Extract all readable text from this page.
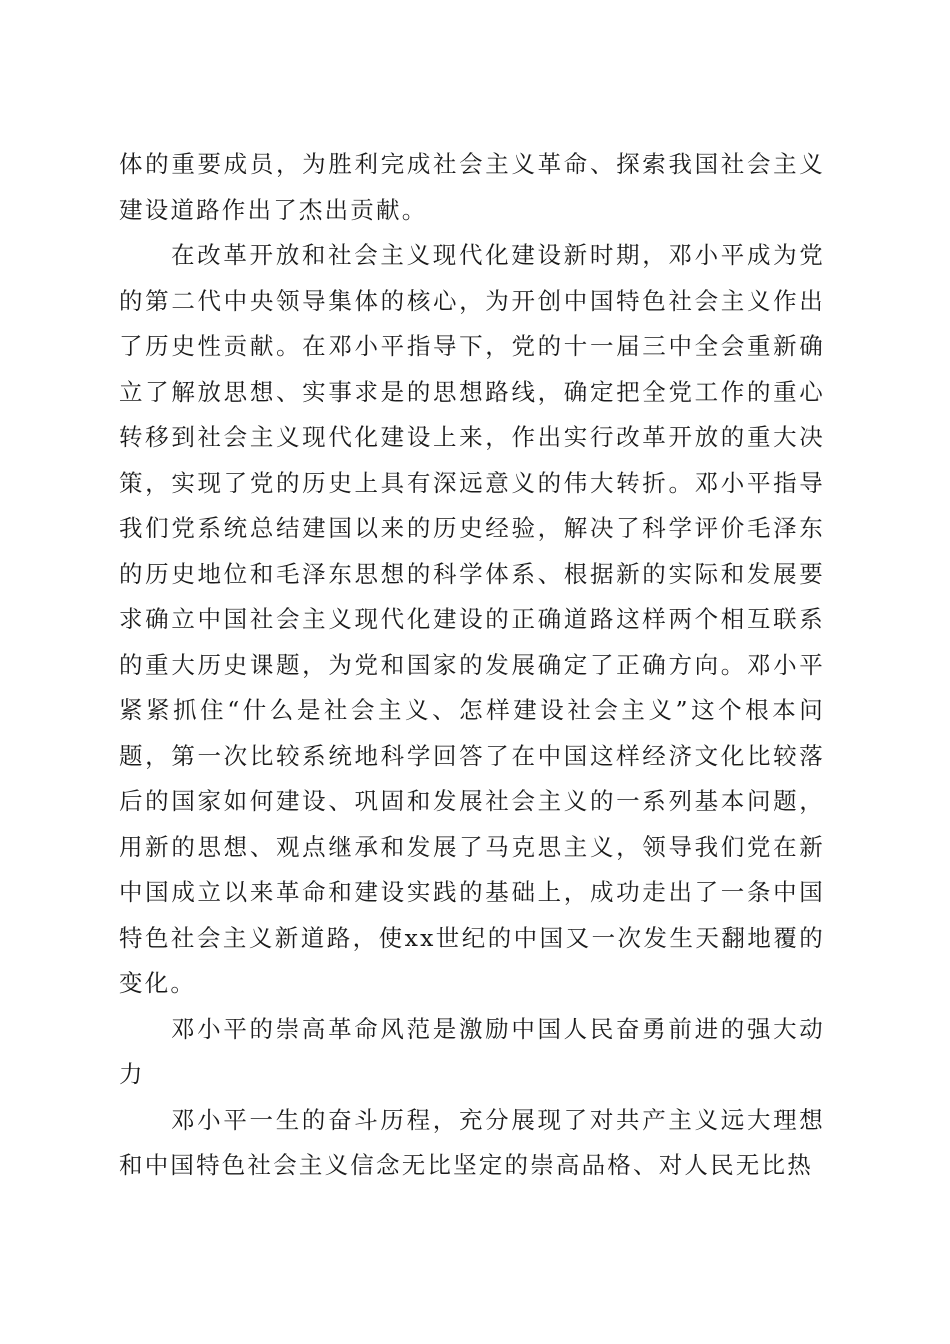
体的重要成员，为胜利完成社会主义革命、探索我国社会主义建设道路作出了杰出贡献。

在改革开放和社会主义现代化建设新时期，邓小平成为党的第二代中央领导集体的核心，为开创中国特色社会主义作出了历史性贡献。在邓小平指导下，党的十一届三中全会重新确立了解放思想、实事求是的思想路线，确定把全党工作的重心转移到社会主义现代化建设上来，作出实行改革开放的重大决策，实现了党的历史上具有深远意义的伟大转折。邓小平指导我们党系统总结建国以来的历史经验，解决了科学评价毛泽东的历史地位和毛泽东思想的科学体系、根据新的实际和发展要求确立中国社会主义现代化建设的正确道路这样两个相互联系的重大历史课题，为党和国家的发展确定了正确方向。邓小平紧紧抓住“什么是社会主义、怎样建设社会主义”这个根本问题，第一次比较系统地科学回答了在中国这样经济文化比较落后的国家如何建设、巩固和发展社会主义的一系列基本问题，用新的思想、观点继承和发展了马克思主义，领导我们党在新中国成立以来革命和建设实践的基础上，成功走出了一条中国特色社会主义新道路，使xx世纪的中国又一次发生天翻地覆的变化。

邓小平的崇高革命风范是激励中国人民奋勇前进的强大动力

邓小平一生的奋斗历程，充分展现了对共产主义远大理想和中国特色社会主义信念无比坚定的崇高品格、对人民无比热
